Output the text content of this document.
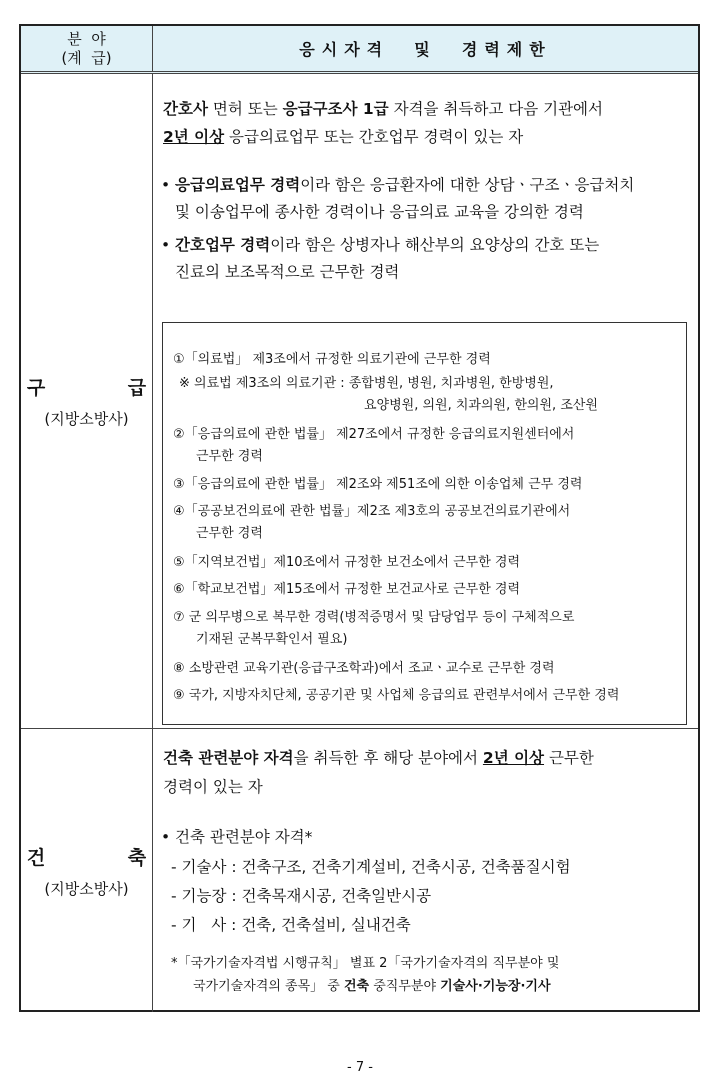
분  야
(계  급)	응시자격  및  경력제한
구 급
(지방소방사)
간호사 면허 또는 응급구조사 1급 자격을 취득하고 다음 기관에서
2년 이상 응급의료업무 또는 간호업무 경력이 있는 자
• 응급의료업무 경력이라 함은 응급환자에 대한 상담ㆍ구조ㆍ응급처치
및 이송업무에 종사한 경력이나 응급의료 교육을 강의한 경력
• 간호업무 경력이라 함은 상병자나 해산부의 요양상의 간호 또는
진료의 보조목적으로 근무한 경력
①「의료법」 제3조에서 규정한 의료기관에 근무한 경력
※ 의료법 제3조의 의료기관 : 종합병원, 병원, 치과병원, 한방병원,
요양병원, 의원, 치과의원, 한의원, 조산원
②「응급의료에 관한 법률」 제27조에서 규정한 응급의료지원센터에서
근무한 경력
③「응급의료에 관한 법률」 제2조와 제51조에 의한 이송업체 근무 경력
④「공공보건의료에 관한 법률」제2조 제3호의 공공보건의료기관에서
근무한 경력
⑤「지역보건법」제10조에서 규정한 보건소에서 근무한 경력
⑥「학교보건법」제15조에서 규정한 보건교사로 근무한 경력
⑦ 군 의무병으로 복무한 경력(병적증명서 및 담당업무 등이 구체적으로
기재된 군복무확인서 필요)
⑧ 소방관련 교육기관(응급구조학과)에서 조교ㆍ교수로 근무한 경력
⑨ 국가, 지방자치단체, 공공기관 및 사업체 응급의료 관련부서에서 근무한 경력
건 축
(지방소방사)
건축 관련분야 자격을 취득한 후 해당 분야에서 2년 이상 근무한
경력이 있는 자
• 건축 관련분야 자격*
- 기술사 : 건축구조, 건축기계설비, 건축시공, 건축품질시험
- 기능장 : 건축목재시공, 건축일반시공
- 기   사 : 건축, 건축설비, 실내건축
*「국가기술자격법 시행규칙」 별표 2「국가기술자격의 직무분야 및
국가기술자격의 종목」 중 건축 중직무분야 기술사·기능장·기사
- 7 -
